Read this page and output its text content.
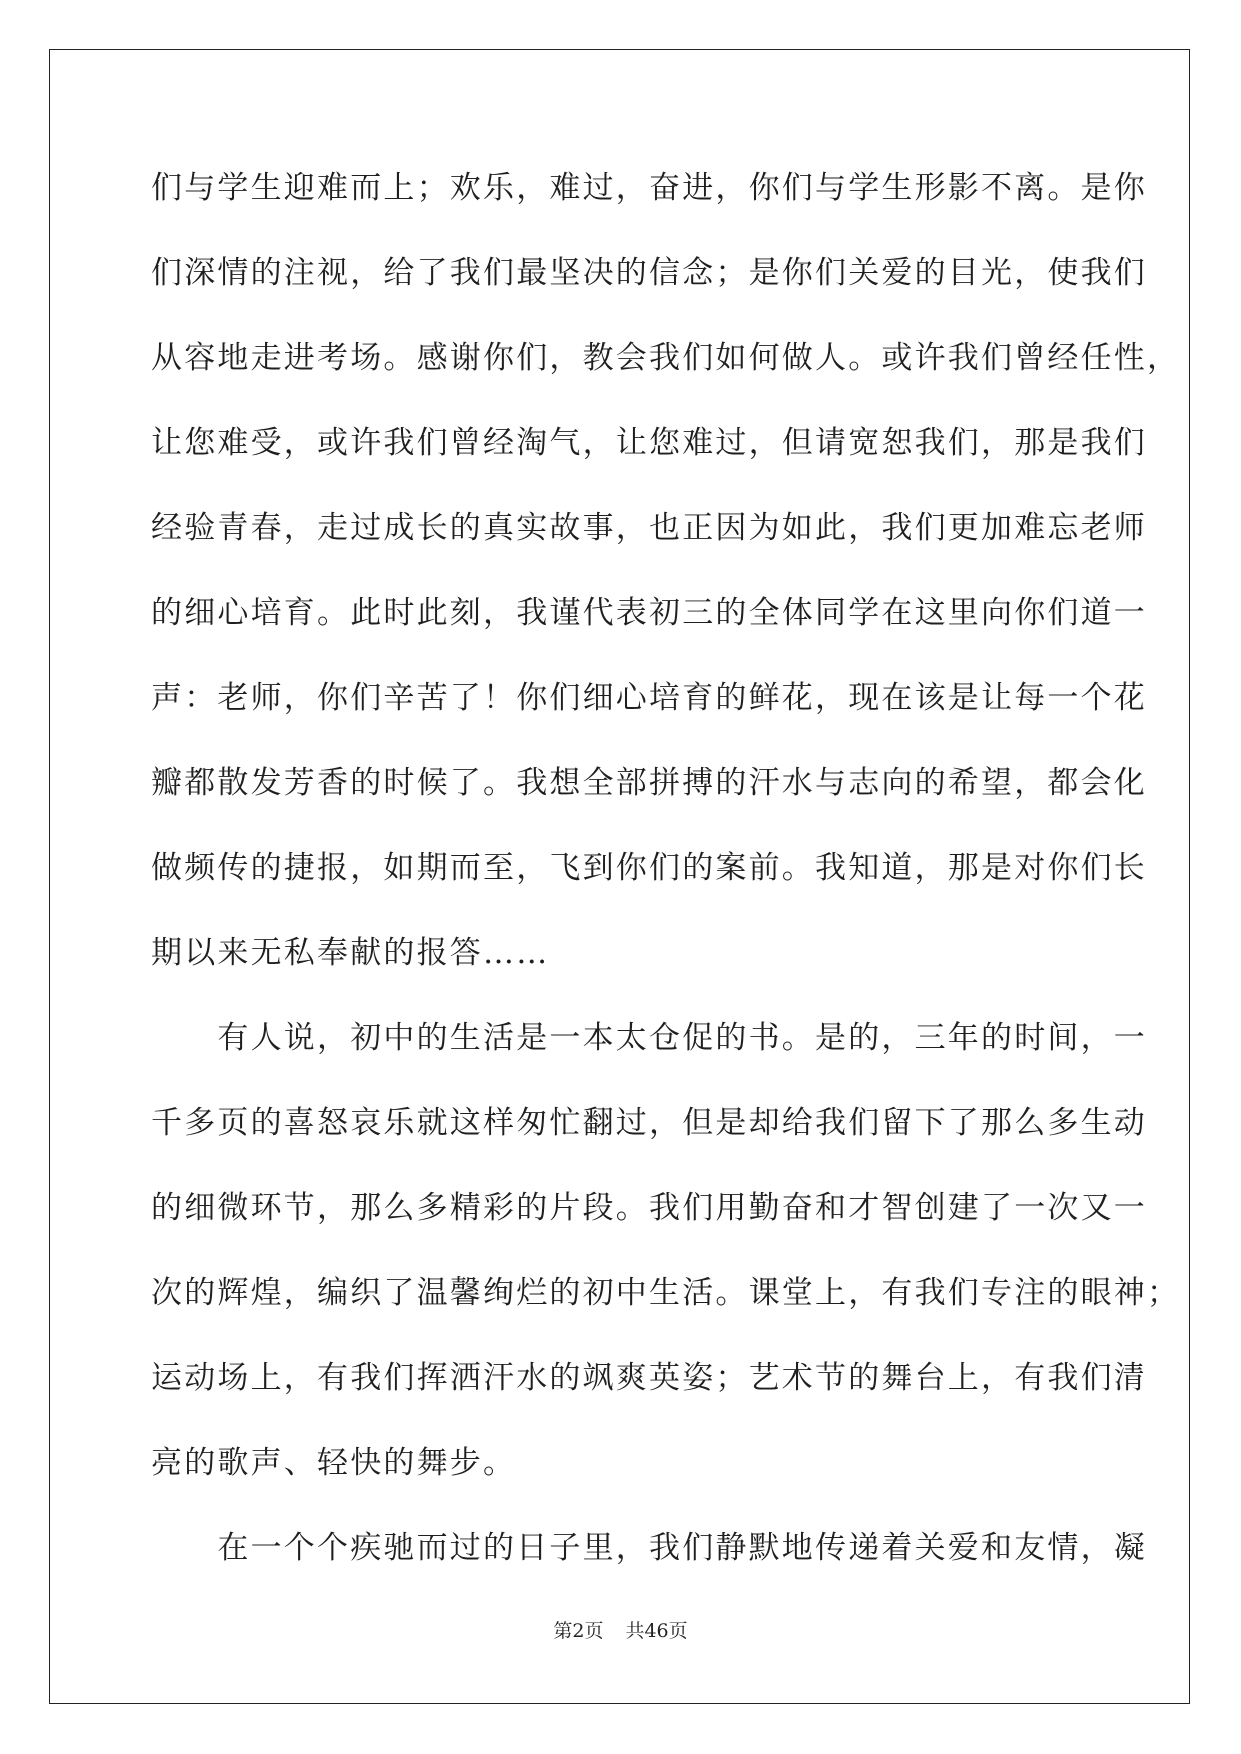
们与学生迎难而上；欢乐，难过，奋进，你们与学生形影不离。是你
们深情的注视，给了我们最坚决的信念；是你们关爱的目光，使我们
从容地走进考场。感谢你们，教会我们如何做人。或许我们曾经任性，
让您难受，或许我们曾经淘气，让您难过，但请宽恕我们，那是我们
经验青春，走过成长的真实故事，也正因为如此，我们更加难忘老师
的细心培育。此时此刻，我谨代表初三的全体同学在这里向你们道一
声：老师，你们辛苦了！你们细心培育的鲜花，现在该是让每一个花
瓣都散发芳香的时候了。我想全部拼搏的汗水与志向的希望，都会化
做频传的捷报，如期而至，飞到你们的案前。我知道，那是对你们长
期以来无私奉献的报答……
　　有人说，初中的生活是一本太仓促的书。是的，三年的时间，一
千多页的喜怒哀乐就这样匆忙翻过，但是却给我们留下了那么多生动
的细微环节，那么多精彩的片段。我们用勤奋和才智创建了一次又一
次的辉煌，编织了温馨绚烂的初中生活。课堂上，有我们专注的眼神；
运动场上，有我们挥洒汗水的飒爽英姿；艺术节的舞台上，有我们清
亮的歌声、轻快的舞步。
　　在一个个疾驰而过的日子里，我们静默地传递着关爱和友情，凝
第2页 共46页
